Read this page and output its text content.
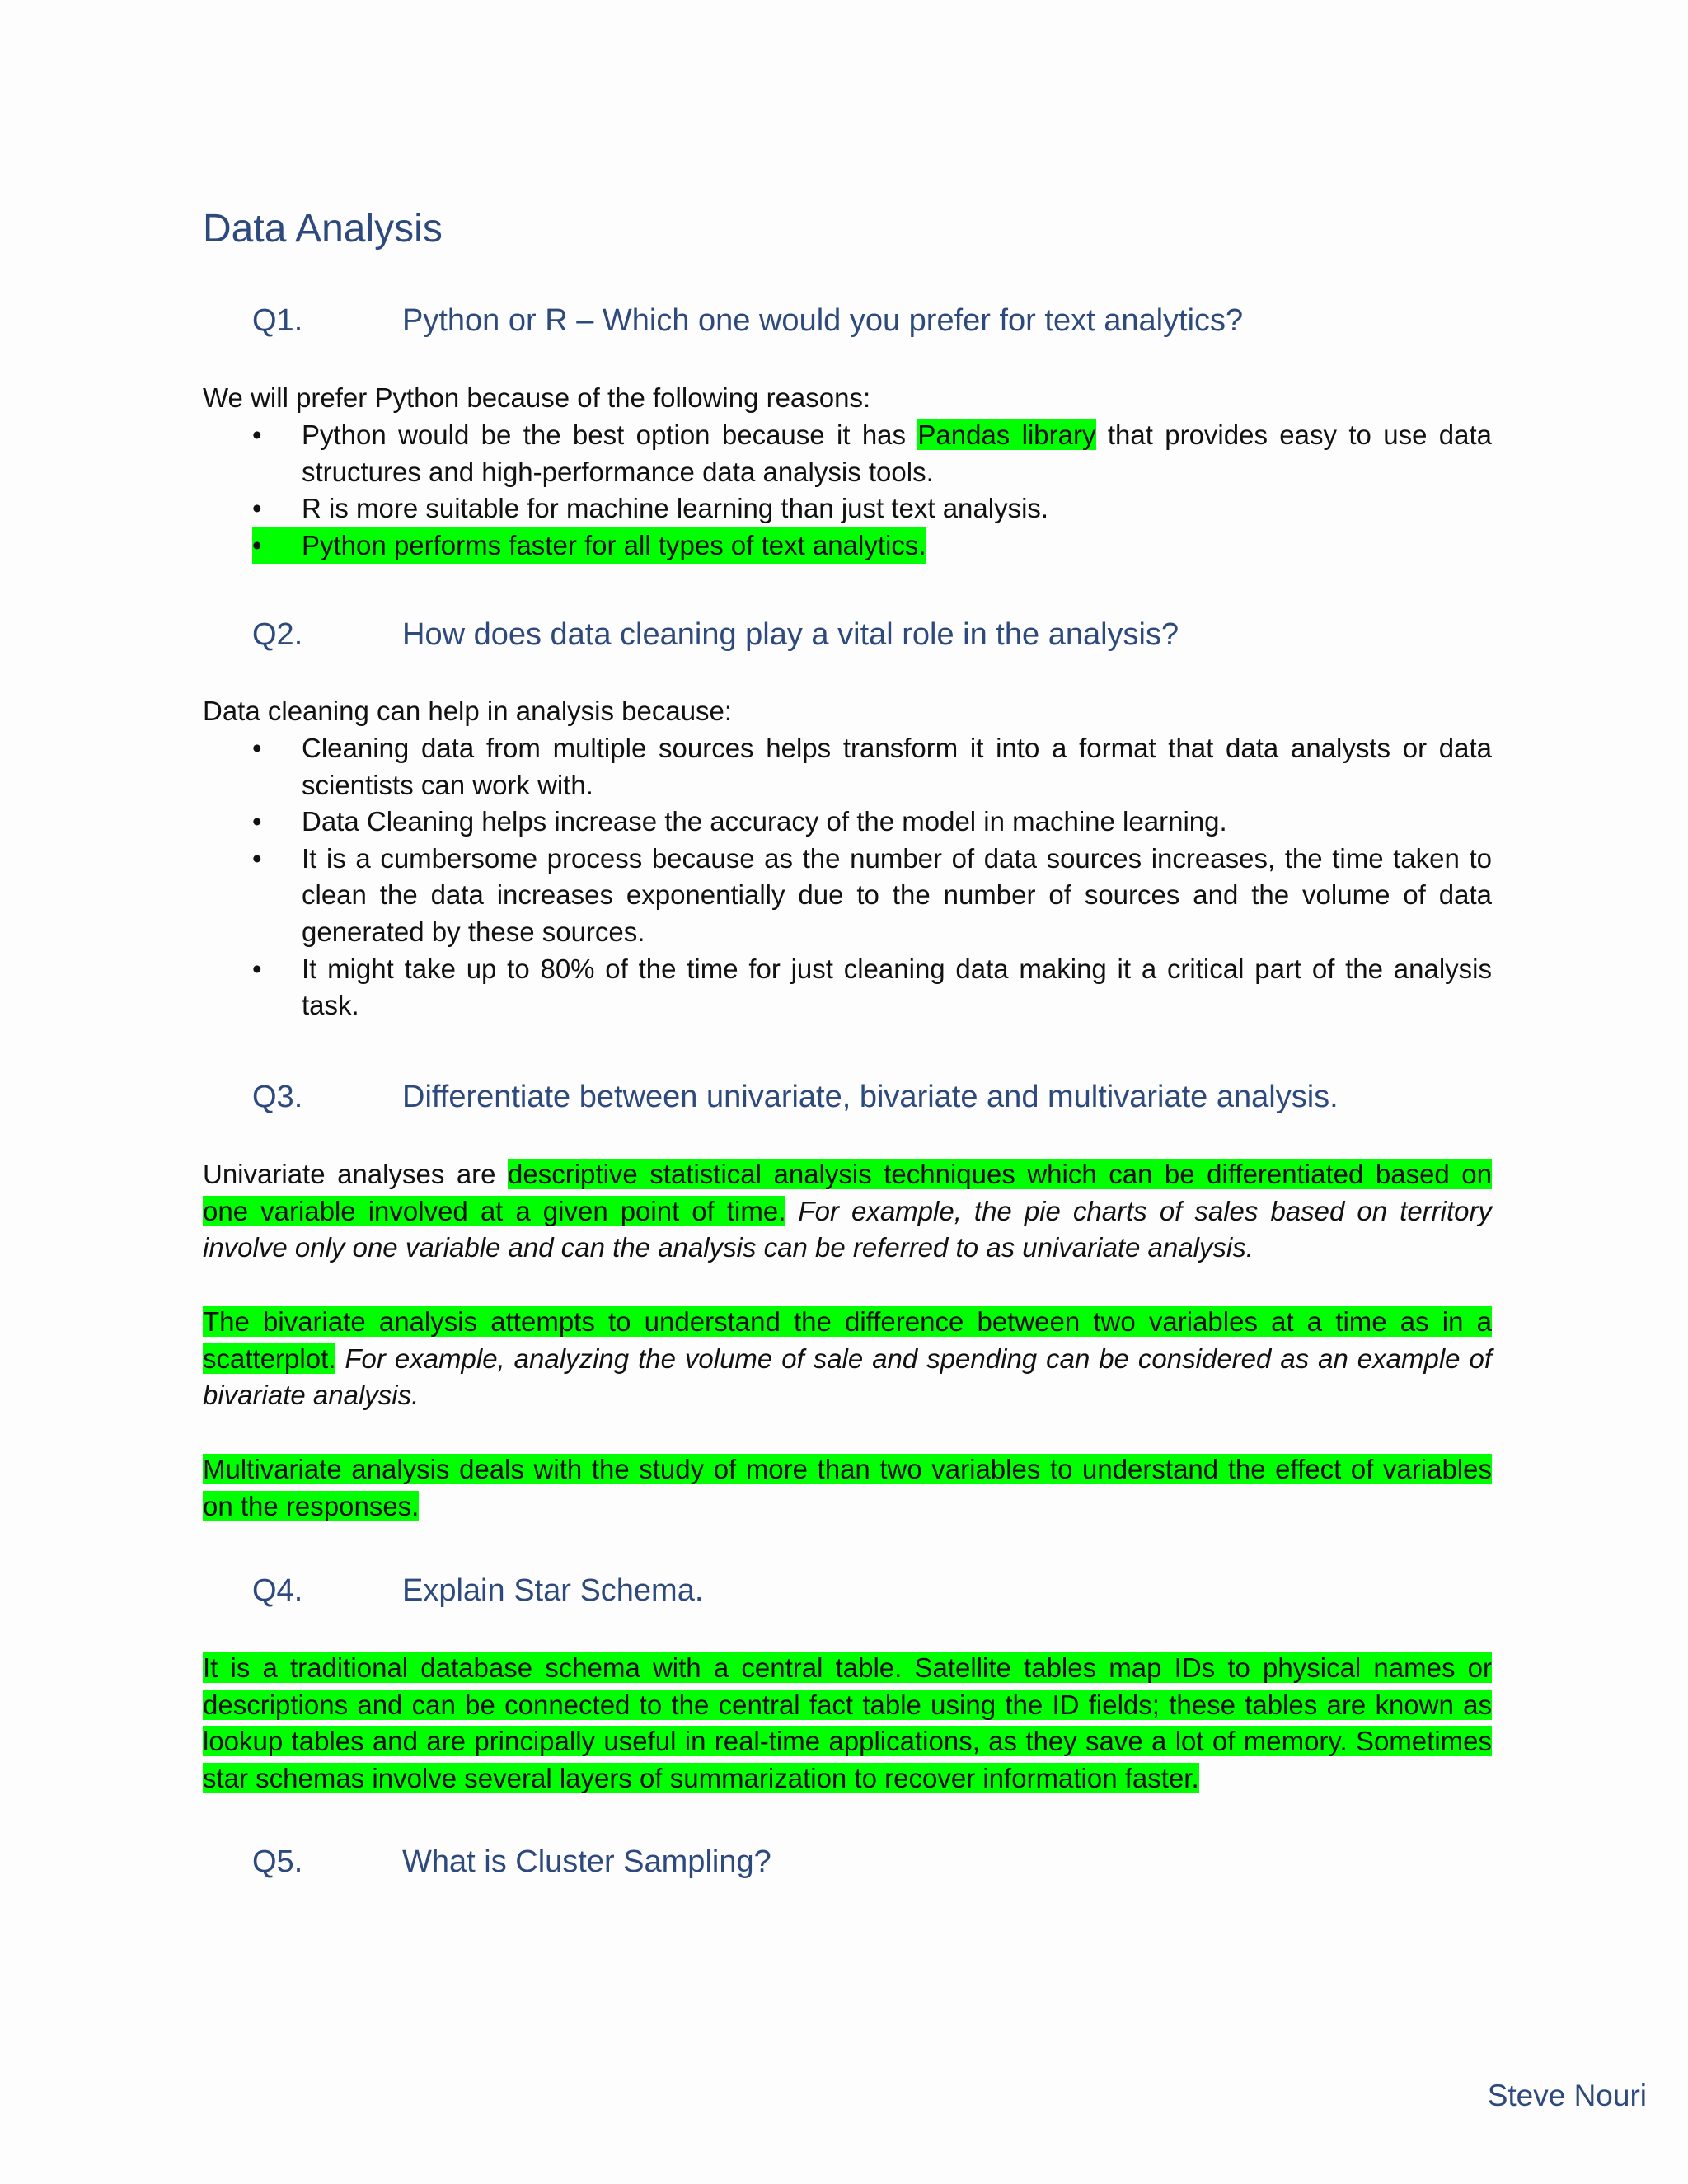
Data Analysis
Q1.	Python or R – Which one would you prefer for text analytics?

We will prefer Python because of the following reasons:

•	Python would be the best option because it has Pandas library that provides easy to use data structures and high-performance data analysis tools.
•	R is more suitable for machine learning than just text analysis.
•	Python performs faster for all types of text analytics.
Q2.	How does data cleaning play a vital role in the analysis?

Data cleaning can help in analysis because:

•	Cleaning data from multiple sources helps transform it into a format that data analysts or data scientists can work with.
•	Data Cleaning helps increase the accuracy of the model in machine learning.
•	It is a cumbersome process because as the number of data sources increases, the time taken to clean the data increases exponentially due to the number of sources and the volume of data generated by these sources.
•	It might take up to 80% of the time for just cleaning data making it a critical part of the analysis task.
Q3.	Differentiate between univariate, bivariate and multivariate analysis.

Univariate analyses are descriptive statistical analysis techniques which can be differentiated based on one variable involved at a given point of time. For example, the pie charts of sales based on territory involve only one variable and can the analysis can be referred to as univariate analysis.

The bivariate analysis attempts to understand the difference between two variables at a time as in a scatterplot. For example, analyzing the volume of sale and spending can be considered as an example of bivariate analysis.

Multivariate analysis deals with the study of more than two variables to understand the effect of variables on the responses.

Q4.	Explain Star Schema.

It is a traditional database schema with a central table. Satellite tables map IDs to physical names or descriptions and can be connected to the central fact table using the ID fields; these tables are known as lookup tables and are principally useful in real-time applications, as they save a lot of memory. Sometimes star schemas involve several layers of summarization to recover information faster.

Q5.	What is Cluster Sampling?
Steve Nouri
